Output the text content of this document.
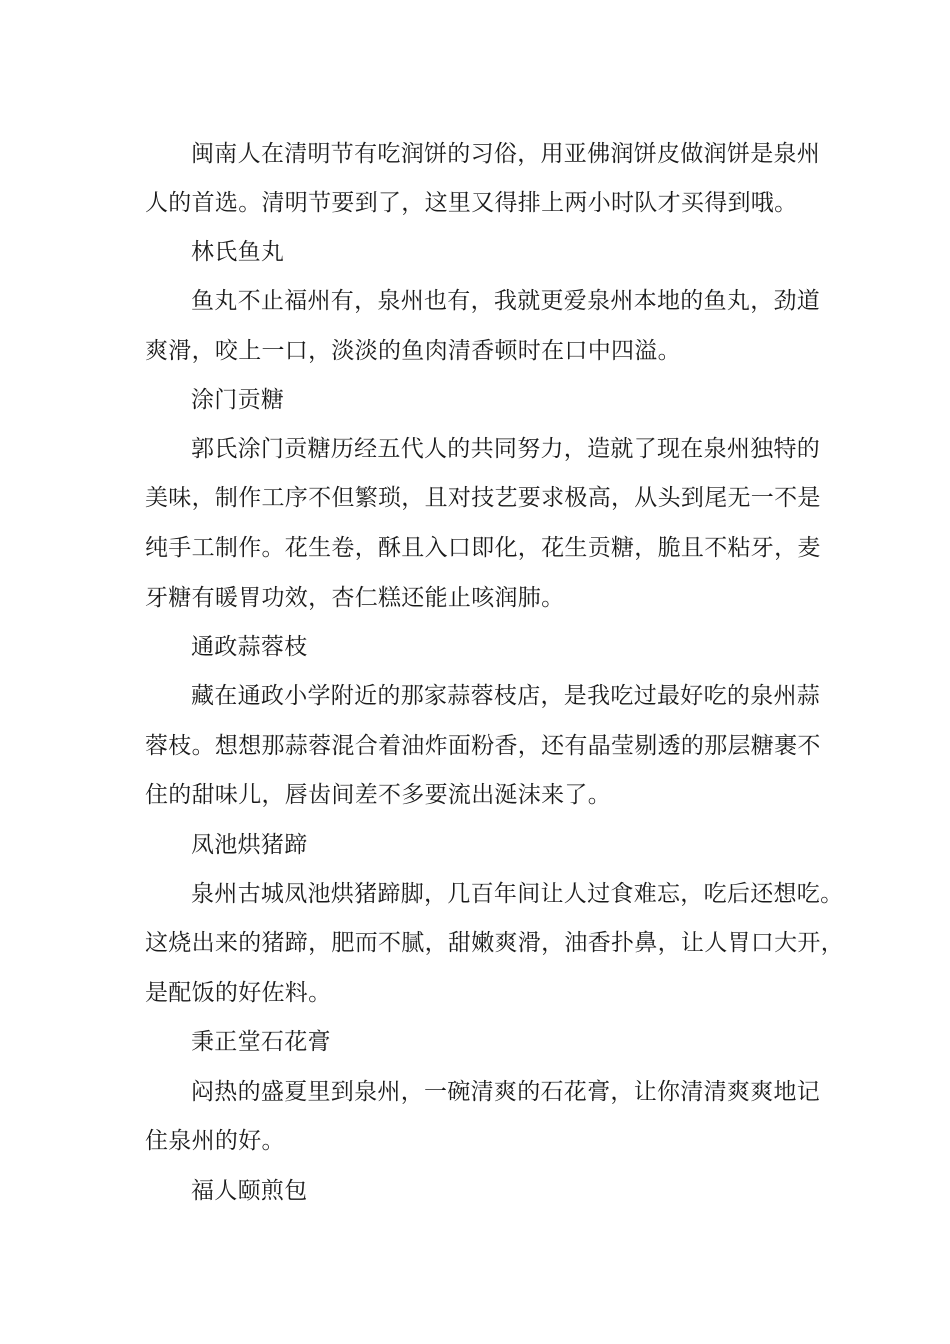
闽南人在清明节有吃润饼的习俗，用亚佛润饼皮做润饼是泉州
人的首选。清明节要到了，这里又得排上两小时队才买得到哦。
林氏鱼丸
鱼丸不止福州有，泉州也有，我就更爱泉州本地的鱼丸，劲道
爽滑，咬上一口，淡淡的鱼肉清香顿时在口中四溢。
涂门贡糖
郭氏涂门贡糖历经五代人的共同努力，造就了现在泉州独特的
美味，制作工序不但繁琐，且对技艺要求极高，从头到尾无一不是
纯手工制作。花生卷，酥且入口即化，花生贡糖，脆且不粘牙，麦
牙糖有暖胃功效，杏仁糕还能止咳润肺。
通政蒜蓉枝
藏在通政小学附近的那家蒜蓉枝店，是我吃过最好吃的泉州蒜
蓉枝。想想那蒜蓉混合着油炸面粉香，还有晶莹剔透的那层糖裹不
住的甜味儿，唇齿间差不多要流出涎沫来了。
凤池烘猪蹄
泉州古城凤池烘猪蹄脚，几百年间让人过食难忘，吃后还想吃。
这烧出来的猪蹄，肥而不腻，甜嫩爽滑，油香扑鼻，让人胃口大开，
是配饭的好佐料。
秉正堂石花膏
闷热的盛夏里到泉州，一碗清爽的石花膏，让你清清爽爽地记
住泉州的好。
福人颐煎包
